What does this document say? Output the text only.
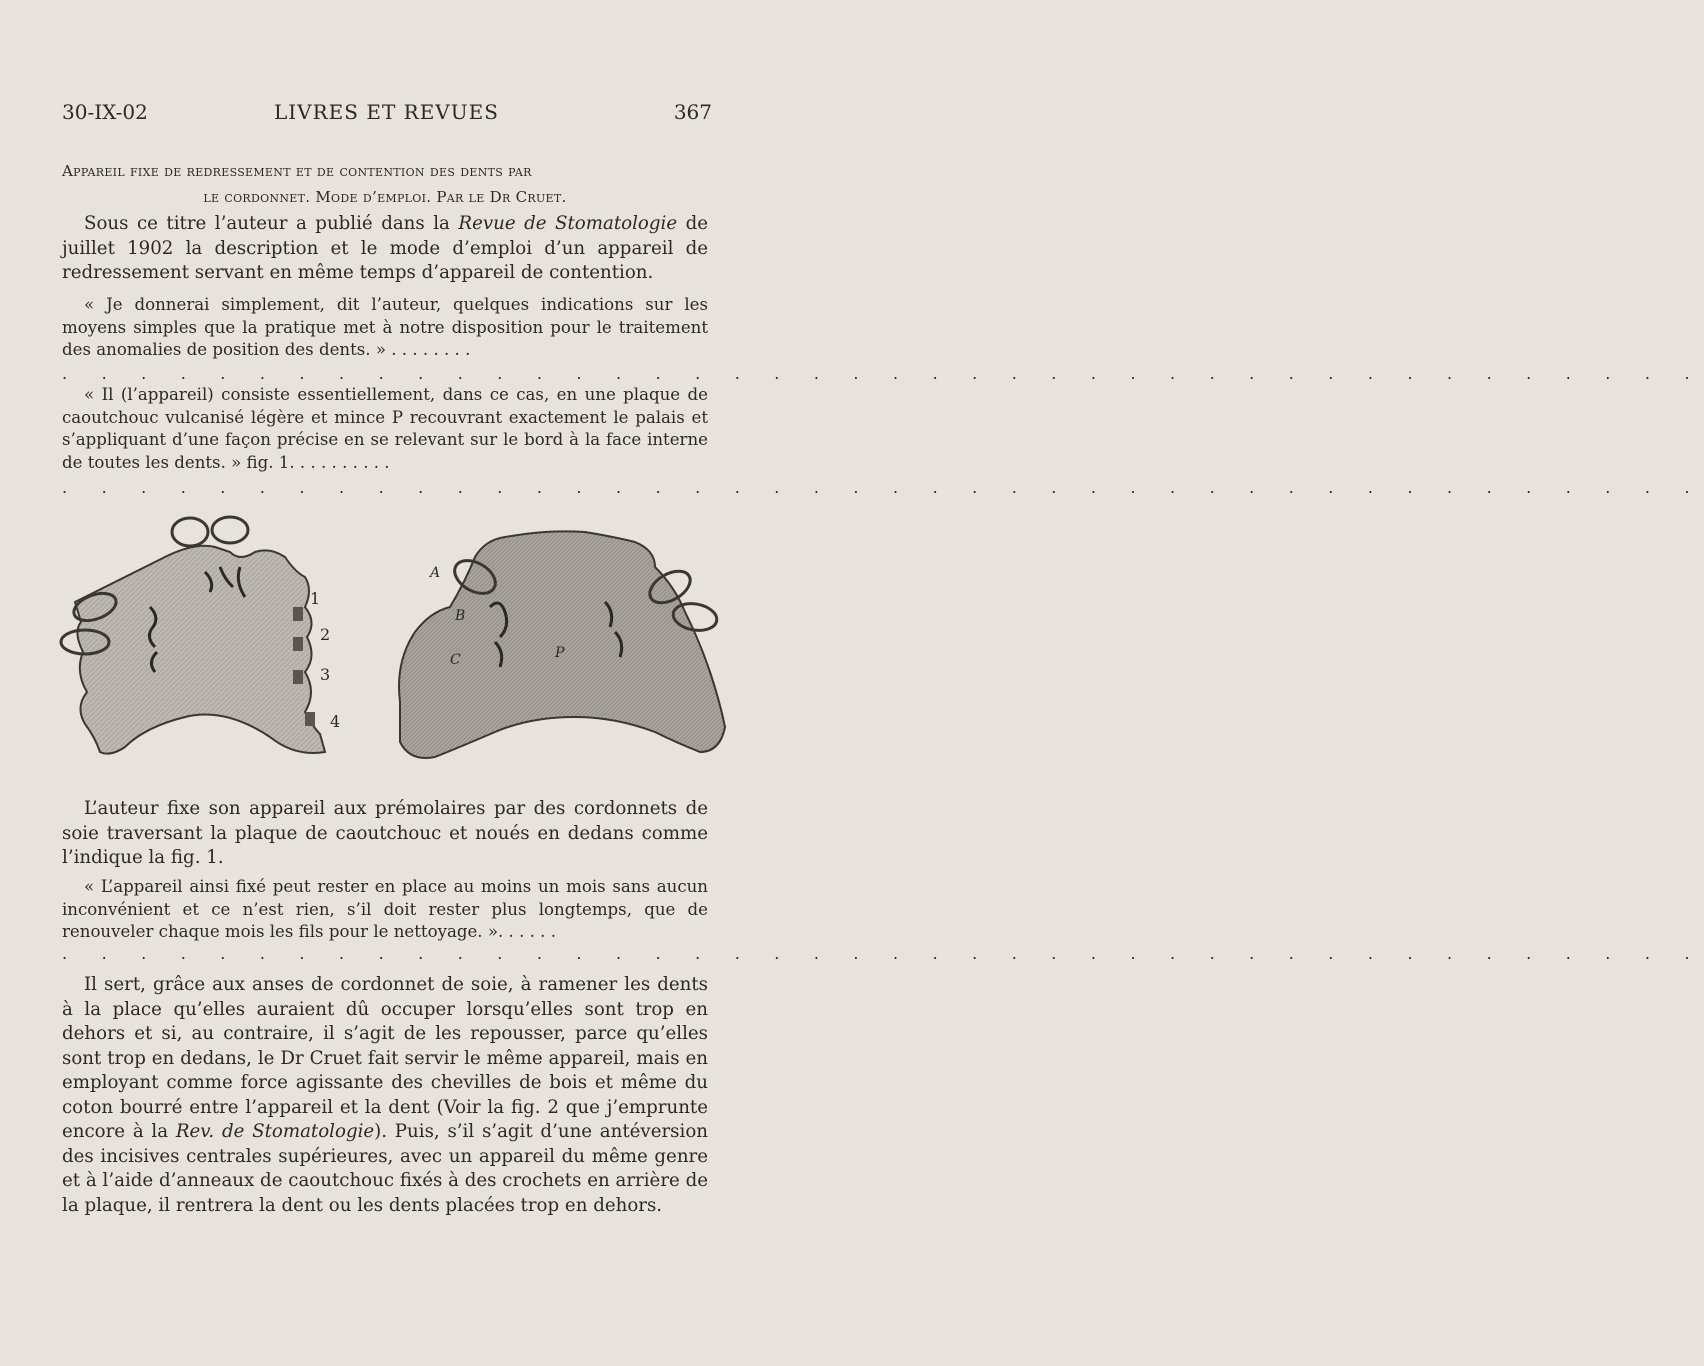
30-IX-02	LIVRES ET REVUES	367
Appareil fixe de redressement et de contention des dents par
le cordonnet. Mode d’emploi. Par le Dr Cruet.

Sous ce titre l’auteur a publié dans la Revue de Stomatologie de juillet 1902 la description et le mode d’emploi d’un appareil de redressement servant en même temps d’appareil de contention.

« Je donnerai simplement, dit l’auteur, quelques indications sur les moyens simples que la pratique met à notre disposition pour le traitement des anomalies de position des dents. » . . . . . . . .

. . . . . . . . . . . . . . . . . . . . . . . . . . . . . . . . . . . . . . . . . .

« Il (l’appareil) consiste essentiellement, dans ce cas, en une plaque de caoutchouc vulcanisé légère et mince P recouvrant exactement le palais et s’appliquant d’une façon précise en se relevant sur le bord à la face interne de toutes les dents. » fig. 1. . . . . . . . . .

. . . . . . . . . . . . . . . . . . . . . . . . . . . . . . . . . . . . . . . . . .
1
2
3
4
A
B
C	P

L’auteur fixe son appareil aux prémolaires par des cordonnets de soie traversant la plaque de caoutchouc et noués en dedans comme l’indique la fig. 1.

« L’appareil ainsi fixé peut rester en place au moins un mois sans aucun inconvénient et ce n’est rien, s’il doit rester plus longtemps, que de renouveler chaque mois les fils pour le nettoyage. ». . . . . .

. . . . . . . . . . . . . . . . . . . . . . . . . . . . . . . . . . . . . . . . . .

Il sert, grâce aux anses de cordonnet de soie, à ramener les dents à la place qu’elles auraient dû occuper lorsqu’elles sont trop en dehors et si, au contraire, il s’agit de les repousser, parce qu’elles sont trop en dedans, le Dr Cruet fait servir le même appareil, mais en employant comme force agissante des chevilles de bois et même du coton bourré entre l’appareil et la dent (Voir la fig. 2 que j’emprunte encore à la Rev. de Stomatologie). Puis, s’il s’agit d’une antéversion des incisives centrales supérieures, avec un appareil du même genre et à l’aide d’anneaux de caoutchouc fixés à des crochets en arrière de la plaque, il rentrera la dent ou les dents placées trop en dehors.
